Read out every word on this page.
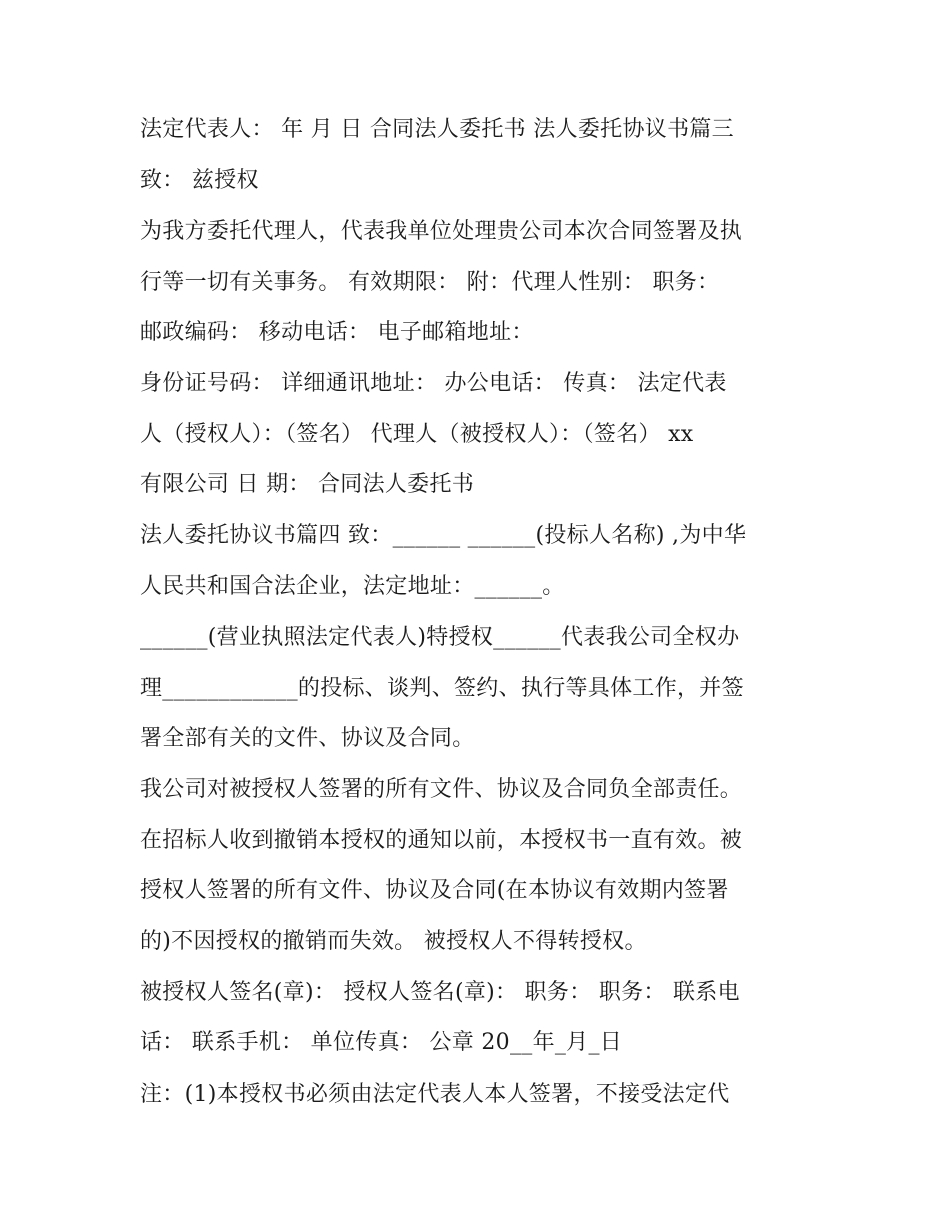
法定代表人： 年 月 日 合同法人委托书 法人委托协议书篇三
致： 兹授权
为我方委托代理人，代表我单位处理贵公司本次合同签署及执
行等一切有关事务。 有效期限： 附：代理人性别： 职务：
邮政编码： 移动电话： 电子邮箱地址：
身份证号码： 详细通讯地址： 办公电话： 传真： 法定代表
人（授权人）：（签名） 代理人（被授权人）：（签名） xx
有限公司 日 期： 合同法人委托书
法人委托协议书篇四 致：______ ______(投标人名称) ,为中华
人民共和国合法企业，法定地址：______。
______(营业执照法定代表人)特授权______代表我公司全权办
理____________的投标、谈判、签约、执行等具体工作，并签
署全部有关的文件、协议及合同。
我公司对被授权人签署的所有文件、协议及合同负全部责任。
在招标人收到撤销本授权的通知以前，本授权书一直有效。被
授权人签署的所有文件、协议及合同(在本协议有效期内签署
的)不因授权的撤销而失效。 被授权人不得转授权。
被授权人签名(章)： 授权人签名(章)： 职务： 职务： 联系电
话： 联系手机： 单位传真： 公章 20__年_月_日
注：(1)本授权书必须由法定代表人本人签署，不接受法定代
